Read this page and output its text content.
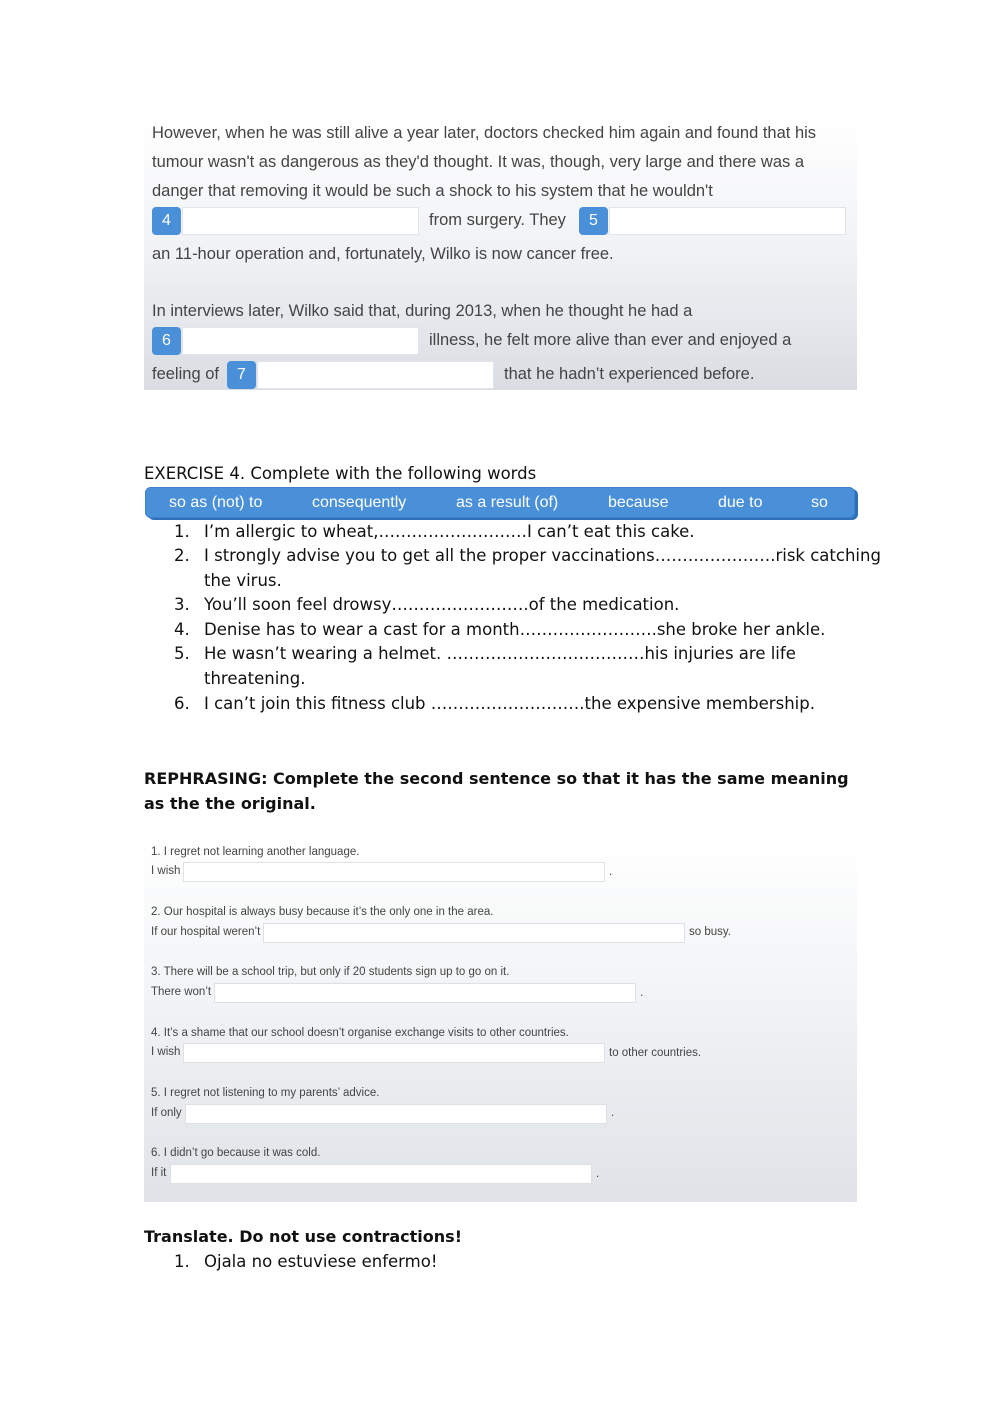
However, when he was still alive a year later, doctors checked him again and found that his
tumour wasn't as dangerous as they'd thought. It was, though, very large and there was a
danger that removing it would be such a shock to his system that he wouldn't
4	from surgery. They	5
an 11-hour operation and, fortunately, Wilko is now cancer free.
In interviews later, Wilko said that, during 2013, when he thought he had a
6	illness, he felt more alive than ever and enjoyed a
feeling of	7	that he hadn’t experienced before.
EXERCISE 4. Complete with the following words
so as (not) to	consequently	as a result (of)	because	due to	so
1. I’m allergic to wheat,………………………I can’t eat this cake.
2. I strongly advise you to get all the proper vaccinations………………….risk catching
the virus.
3. You’ll soon feel drowsy…………………….of the medication.
4. Denise has to wear a cast for a month…………………….she broke her ankle.
5. He wasn’t wearing a helmet. ………………………………his injuries are life
threatening.
6. I can’t join this fitness club ……………………….the expensive membership.
REPHRASING: Complete the second sentence so that it has the same meaning as the the original.
1. I regret not learning another language.
I wish	.
2. Our hospital is always busy because it’s the only one in the area.
If our hospital weren’t	so busy.
3. There will be a school trip, but only if 20 students sign up to go on it.
There won’t	.
4. It’s a shame that our school doesn’t organise exchange visits to other countries.
I wish	to other countries.
5. I regret not listening to my parents’ advice.
If only	.
6. I didn’t go because it was cold.
If it	.
Translate. Do not use contractions!
1. Ojala no estuviese enfermo!
